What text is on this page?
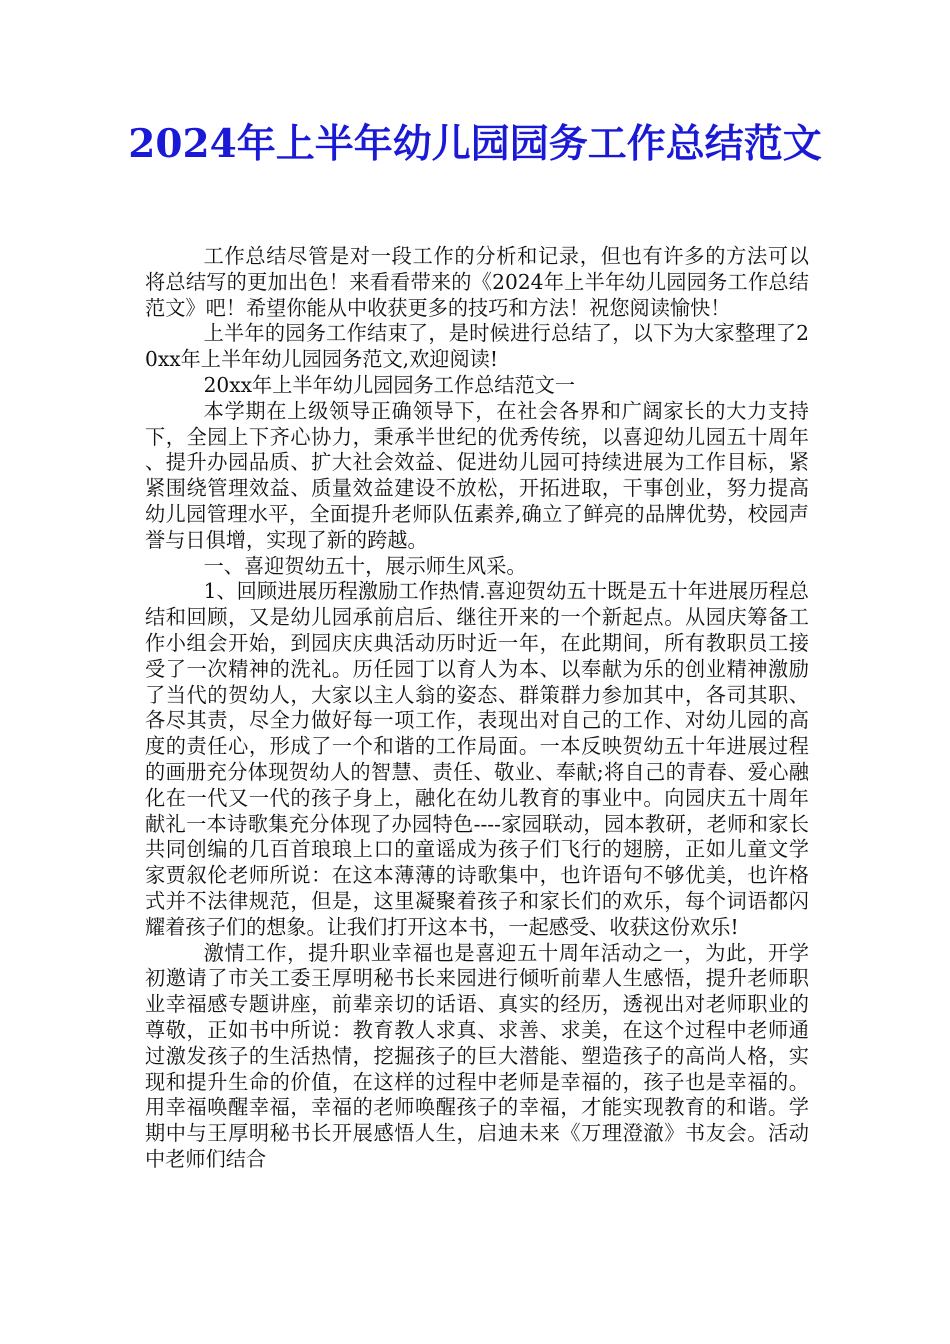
2024年上半年幼儿园园务工作总结范文

工作总结尽管是对一段工作的分析和记录，但也有许多的方法可以将总结写的更加出色！来看看带来的《2024年上半年幼儿园园务工作总结范文》吧！希望你能从中收获更多的技巧和方法！祝您阅读愉快！

上半年的园务工作结束了，是时候进行总结了，以下为大家整理了20xx年上半年幼儿园园务范文,欢迎阅读!

20xx年上半年幼儿园园务工作总结范文一

本学期在上级领导正确领导下，在社会各界和广阔家长的大力支持下，全园上下齐心协力，秉承半世纪的优秀传统，以喜迎幼儿园五十周年、提升办园品质、扩大社会效益、促进幼儿园可持续进展为工作目标，紧紧围绕管理效益、质量效益建设不放松，开拓进取，干事创业，努力提高幼儿园管理水平，全面提升老师队伍素养,确立了鲜亮的品牌优势，校园声誉与日俱增，实现了新的跨越。

一、喜迎贺幼五十，展示师生风采。

1、回顾进展历程激励工作热情.喜迎贺幼五十既是五十年进展历程总结和回顾，又是幼儿园承前启后、继往开来的一个新起点。从园庆筹备工作小组会开始，到园庆庆典活动历时近一年，在此期间，所有教职员工接受了一次精神的洗礼。历任园丁以育人为本、以奉献为乐的创业精神激励了当代的贺幼人，大家以主人翁的姿态、群策群力参加其中，各司其职、各尽其责，尽全力做好每一项工作，表现出对自己的工作、对幼儿园的高度的责任心，形成了一个和谐的工作局面。一本反映贺幼五十年进展过程的画册充分体现贺幼人的智慧、责任、敬业、奉献;将自己的青春、爱心融化在一代又一代的孩子身上，融化在幼儿教育的事业中。向园庆五十周年献礼一本诗歌集充分体现了办园特色----家园联动，园本教研，老师和家长共同创编的几百首琅琅上口的童谣成为孩子们飞行的翅膀，正如儿童文学家贾叙伦老师所说：在这本薄薄的诗歌集中，也许语句不够优美，也许格式并不法律规范，但是，这里凝聚着孩子和家长们的欢乐，每个词语都闪耀着孩子们的想象。让我们打开这本书，一起感受、收获这份欢乐!

激情工作，提升职业幸福也是喜迎五十周年活动之一，为此，开学初邀请了市关工委王厚明秘书长来园进行倾听前辈人生感悟，提升老师职业幸福感专题讲座，前辈亲切的话语、真实的经历，透视出对老师职业的尊敬，正如书中所说：教育教人求真、求善、求美，在这个过程中老师通过激发孩子的生活热情，挖掘孩子的巨大潜能、塑造孩子的高尚人格，实现和提升生命的价值，在这样的过程中老师是幸福的，孩子也是幸福的。用幸福唤醒幸福，幸福的老师唤醒孩子的幸福，才能实现教育的和谐。学期中与王厚明秘书长开展感悟人生，启迪未来《万理澄澈》书友会。活动中老师们结合
